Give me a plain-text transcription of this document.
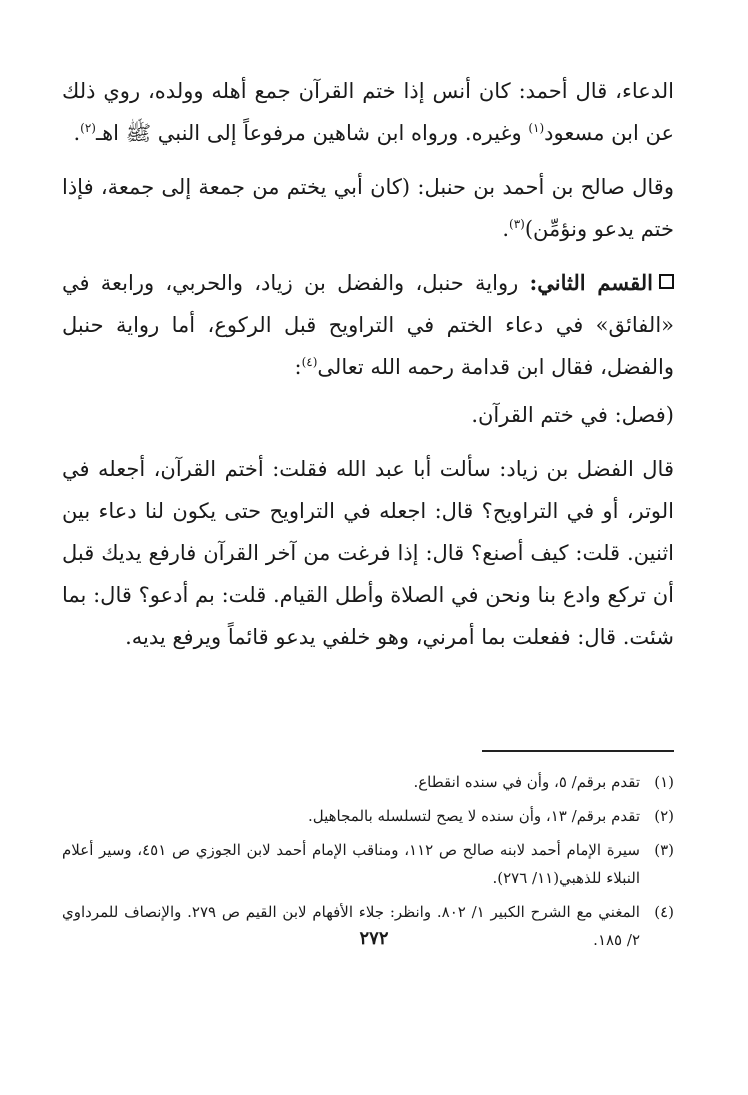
الدعاء، قال أحمد: كان أنس إذا ختم القرآن جمع أهله وولده، روي ذلك عن ابن مسعود$^{(١)}$ وغيره. ورواه ابن شاهين مرفوعاً إلى النبي ﷺ اهـ$^{(٢)}$.

وقال صالح بن أحمد بن حنبل: (كان أبي يختم من جمعة إلى جمعة، فإذا ختم يدعو ونؤمِّن)$^{(٣)}$.

القسم الثاني: رواية حنبل، والفضل بن زياد، والحربي، ورابعة في «الفائق» في دعاء الختم في التراويح قبل الركوع، أما رواية حنبل والفضل، فقال ابن قدامة رحمه الله تعالى$^{(٤)}$:

(فصل: في ختم القرآن.

قال الفضل بن زياد: سألت أبا عبد الله فقلت: أختم القرآن، أجعله في الوتر، أو في التراويح؟ قال: اجعله في التراويح حتى يكون لنا دعاء بين اثنين. قلت: كيف أصنع؟ قال: إذا فرغت من آخر القرآن فارفع يديك قبل أن تركع وادع بنا ونحن في الصلاة وأطل القيام. قلت: بم أدعو؟ قال: بما شئت. قال: ففعلت بما أمرني، وهو خلفي يدعو قائماً ويرفع يديه.

(١)
تقدم برقم/ ٥، وأن في سنده انقطاع.

(٢)
تقدم برقم/ ١٣، وأن سنده لا يصح لتسلسله بالمجاهيل.

(٣)
سيرة الإمام أحمد لابنه صالح ص ١١٢، ومناقب الإمام أحمد لابن الجوزي ص ٤٥١، وسير أعلام النبلاء للذهبي(١١/ ٢٧٦).

(٤)
المغني مع الشرح الكبير ١/ ٨٠٢. وانظر: جلاء الأفهام لابن القيم ص ٢٧٩. والإنصاف للمرداوي ٢/ ١٨٥.

٢٧٢
